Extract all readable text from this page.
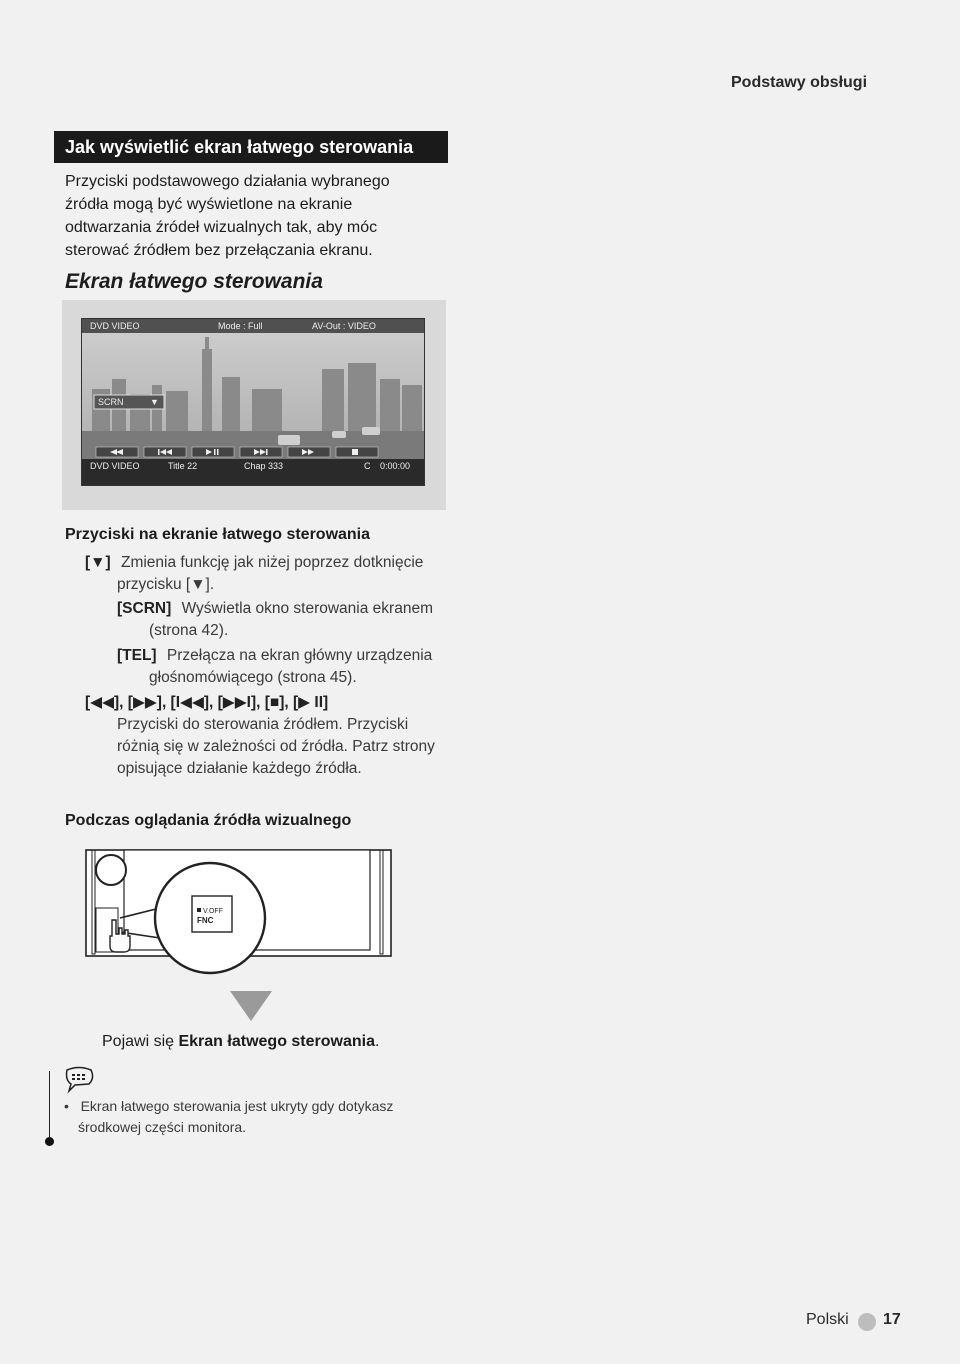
Podstawy obsługi
Jak wyświetlić ekran łatwego sterowania
Przyciski podstawowego działania wybranego
źródła mogą być wyświetlone na ekranie
odtwarzania źródeł wizualnych tak, aby móc
sterować źródłem bez przełączania ekranu.
Ekran łatwego sterowania
DVD VIDEO	Mode : Full	AV-Out : VIDEO
SCRN	▼
DVD VIDEO	Title 22	Chap 333	C 0:00:00
Przyciski na ekranie łatwego sterowania
[▼] Zmienia funkcję jak niżej poprzez dotknięcie
przycisku [▼].
[SCRN] Wyświetla okno sterowania ekranem
(strona 42).
[TEL] Przełącza na ekran główny urządzenia
głośnomówiącego (strona 45).
[◀◀], [▶▶], [I◀◀], [▶▶I], [■], [▶ II]
Przyciski do sterowania źródłem. Przyciski
różnią się w zależności od źródła. Patrz strony
opisujące działanie każdego źródła.
Podczas oglądania źródła wizualnego
V.OFF
FNC
Pojawi się Ekran łatwego sterowania.
• Ekran łatwego sterowania jest ukryty gdy dotykasz
środkowej części monitora.
Polski 17
